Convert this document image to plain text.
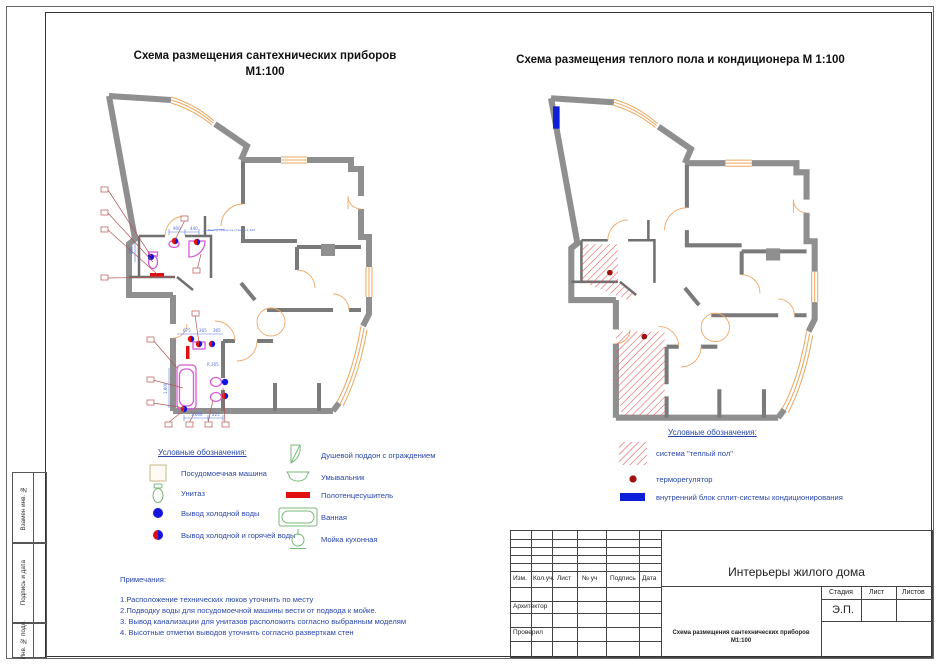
Взамен инв. №
Подпись и дата
Инв. № подл.
Схема размещения сантехнических приборов
М1:100
Схема размещения теплого пола и кондиционера М 1:100
900 440
450
675 265 365
R 205
1.800
1.660 225
Вывод крана на стене +1,200
Условные обозначения:
Посудомоечная машина
Унитаз
Вывод холодной воды
Вывод холодной и горячей воды
Душевой поддон с ограждением
Умывальник
Полотенцесушитель
Ванная
Мойка кухонная
Условные обозначения:
система "теплый пол"
терморегулятор
внутренний блок сплит-системы кондиционирования
Примечания:
1.Расположение технических люков уточнить по месту
2.Подводку воды для посудомоечной машины вести от подвода к мойке.
3. Вывод канализации для унитазов расположить согласно выбранным моделям
4. Высотные отметки выводов уточнить согласно разверткам стен
Изм. Кол.уч. Лист № уч Подпись Дата
Архитектор
Проверил
Интерьеры жилого дома
Стадия Лист	Листов
Э.П.
Схема размещения сантехнических приборов
М1:100
